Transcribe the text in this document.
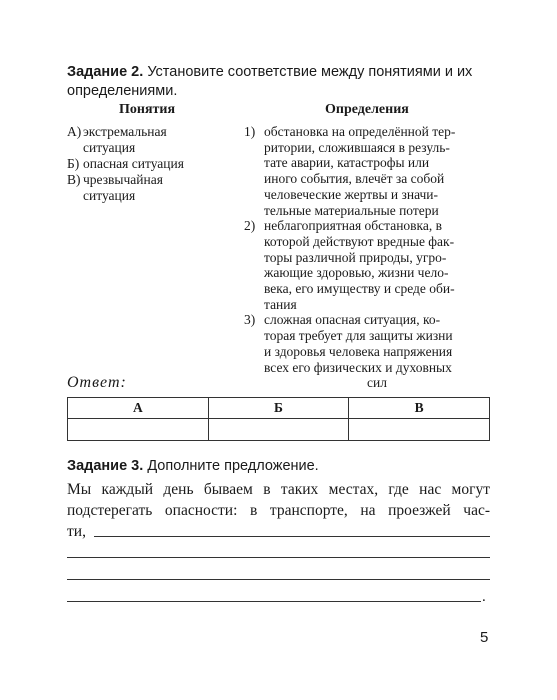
Задание 2. Установите соответствие между понятиями и их
определениями.
Понятия	Определения
А) экстремальная
ситуация
Б) опасная ситуация
В) чрезвычайная
ситуация
1) обстановка на определённой тер-
ритории, сложившаяся в резуль-
тате аварии, катастрофы или
иного события, влечёт за собой
человеческие жертвы и значи-
тельные материальные потери
2) неблагоприятная обстановка, в
которой действуют вредные фак-
торы различной природы, угро-
жающие здоровью, жизни чело-
века, его имуществу и среде оби-
тания
3) сложная опасная ситуация, ко-
торая требует для защиты жизни
и здоровья человека напряжения
всех его физических и духовных
сил
Ответ:
А	Б	В

Задание 3. Дополните предложение.
Мы каждый день бываем в таких местах, где нас могут
подстерегать опасности: в транспорте, на проезжей час-
ти,
.
5
